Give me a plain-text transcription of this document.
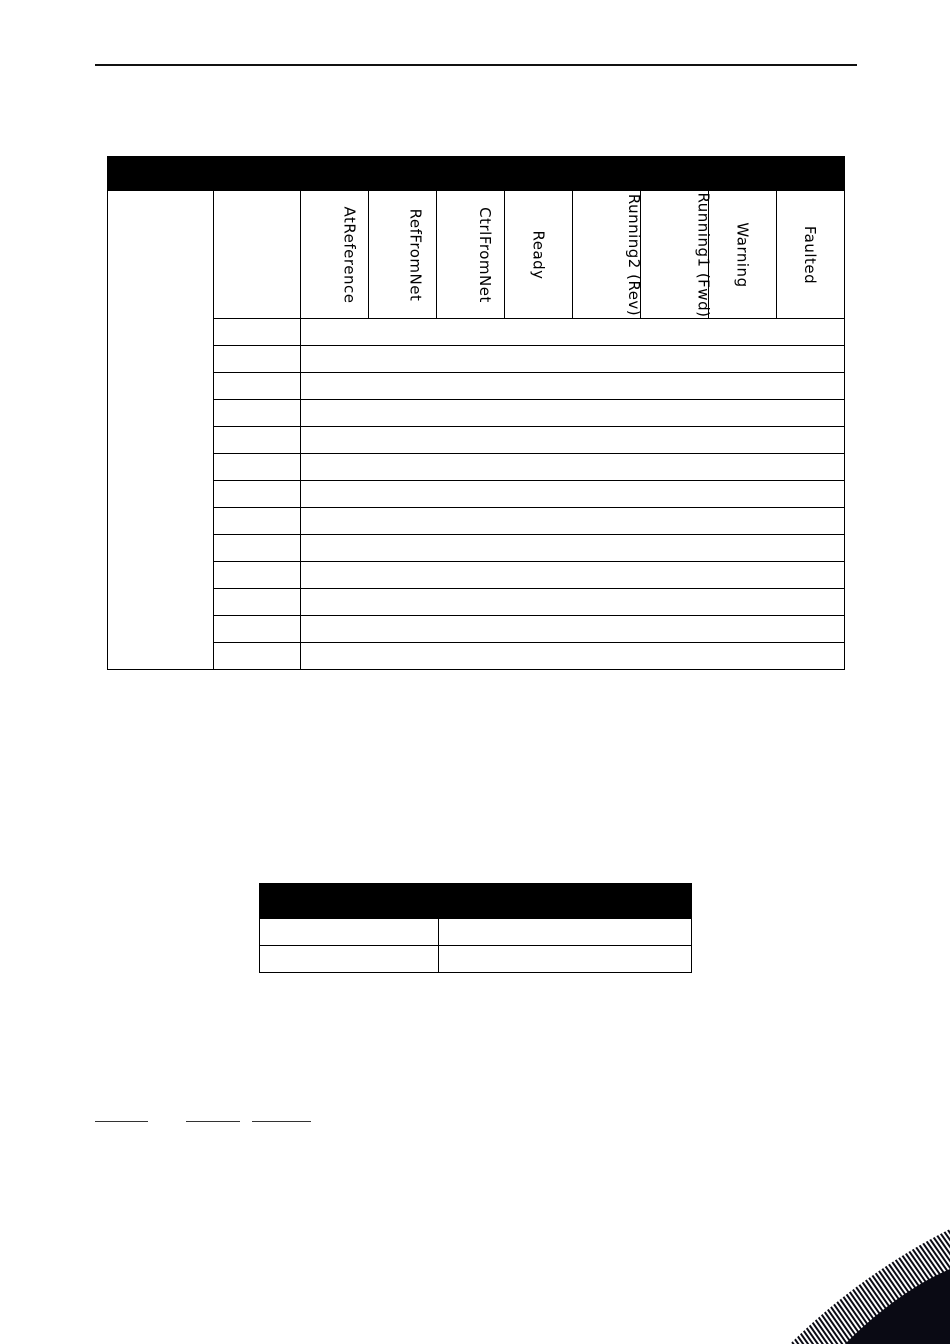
		AtReference	RefFromNet	CtrlFromNet	Ready	Running2 (Rev)	Running1 (Fwd)	Warning	Faulted
